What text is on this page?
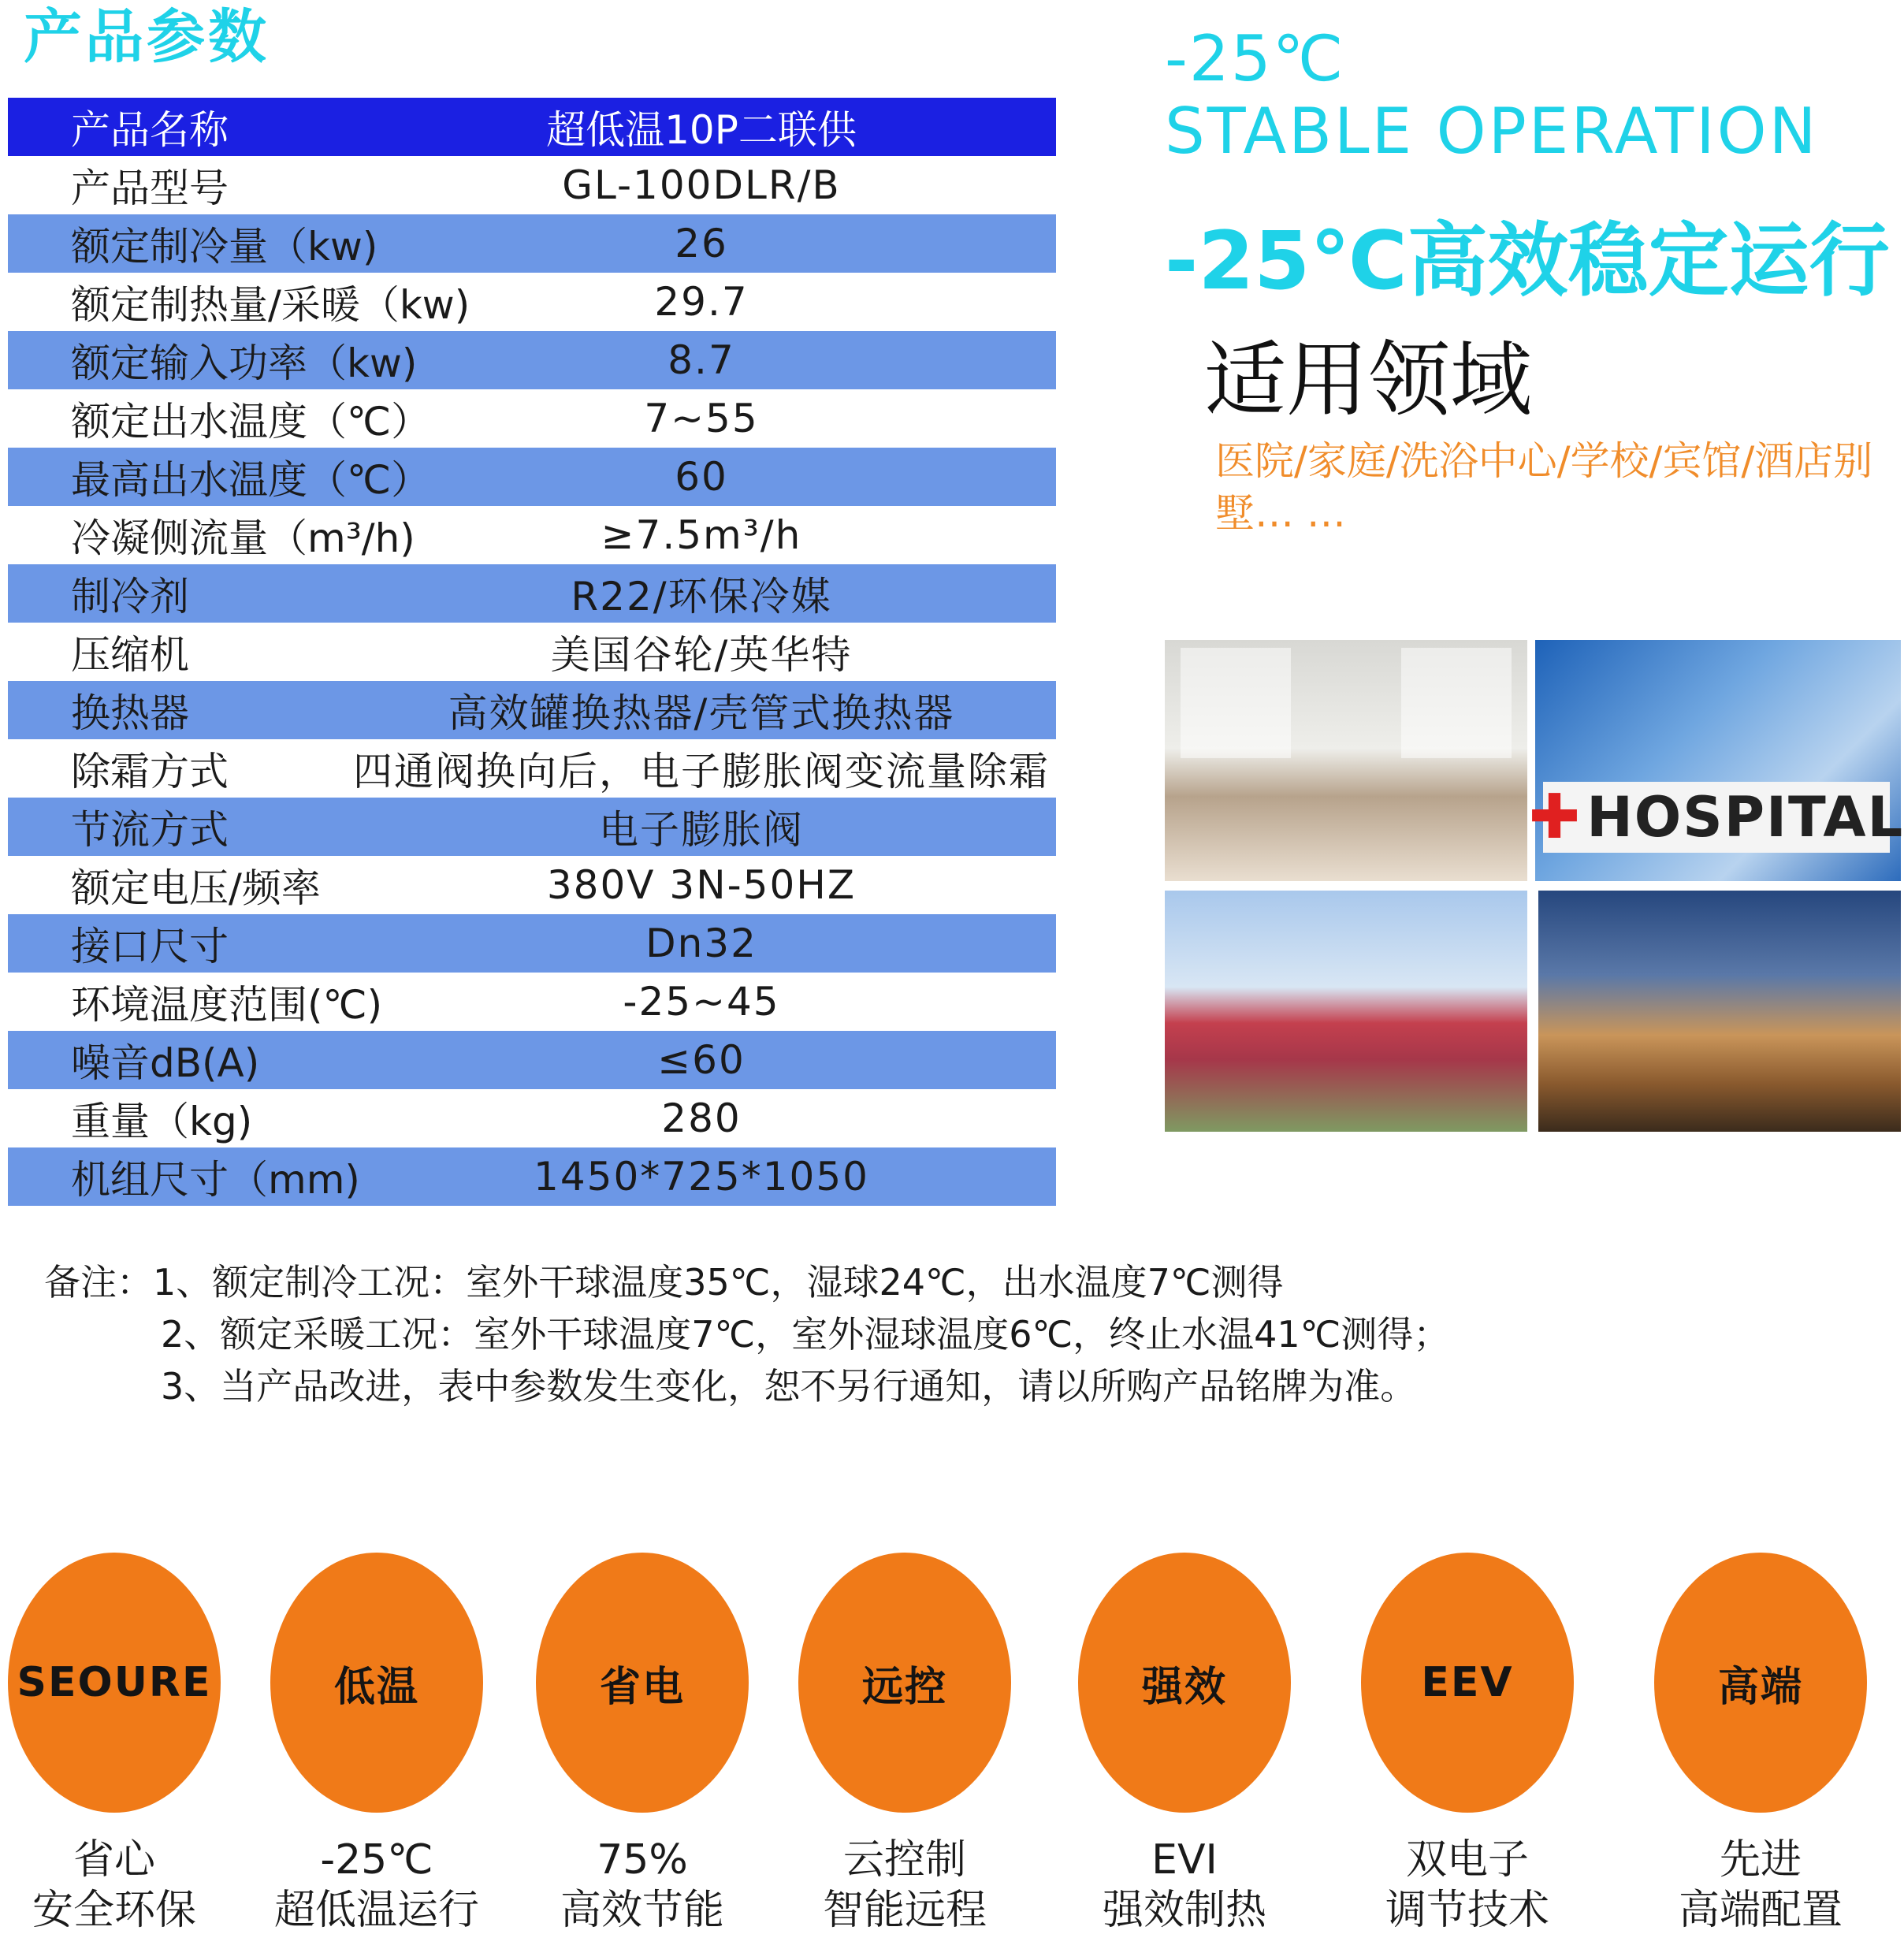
产品参数
产品名称	超低温10P二联供
产品型号	GL-100DLR/B
额定制冷量（kw)	26
额定制热量/采暖（kw)	29.7
额定输入功率（kw)	8.7
额定出水温度（℃）	7~55
最高出水温度（℃）	60
冷凝侧流量（m³/h)	≥7.5m³/h
制冷剂	R22/环保冷媒
压缩机	美国谷轮/英华特
换热器	高效罐换热器/壳管式换热器
除霜方式	四通阀换向后，电子膨胀阀变流量除霜
节流方式	电子膨胀阀
额定电压/频率	380V 3N-50HZ
接口尺寸	Dn32
环境温度范围(℃)	-25~45
噪音dB(A)	≤60
重量（kg)	280
机组尺寸（mm)	1450*725*1050
-25℃
STABLE OPERATION
-25℃高效稳定运行
适用领域
医院/家庭/洗浴中心/学校/宾馆/酒店别墅… …
✚ HOSPITAL
备注：1、额定制冷工况：室外干球温度35℃，湿球24℃，出水温度7℃测得
2、额定采暖工况：室外干球温度7℃，室外湿球温度6℃，终止水温41℃测得；
3、当产品改进，表中参数发生变化，恕不另行通知，请以所购产品铭牌为准。
SEOURE
省心
安全环保
低温
-25℃
超低温运行
省电
75%
高效节能
远控
云控制
智能远程
强效
EVI
强效制热
EEV
双电子
调节技术
高端
先进
高端配置
